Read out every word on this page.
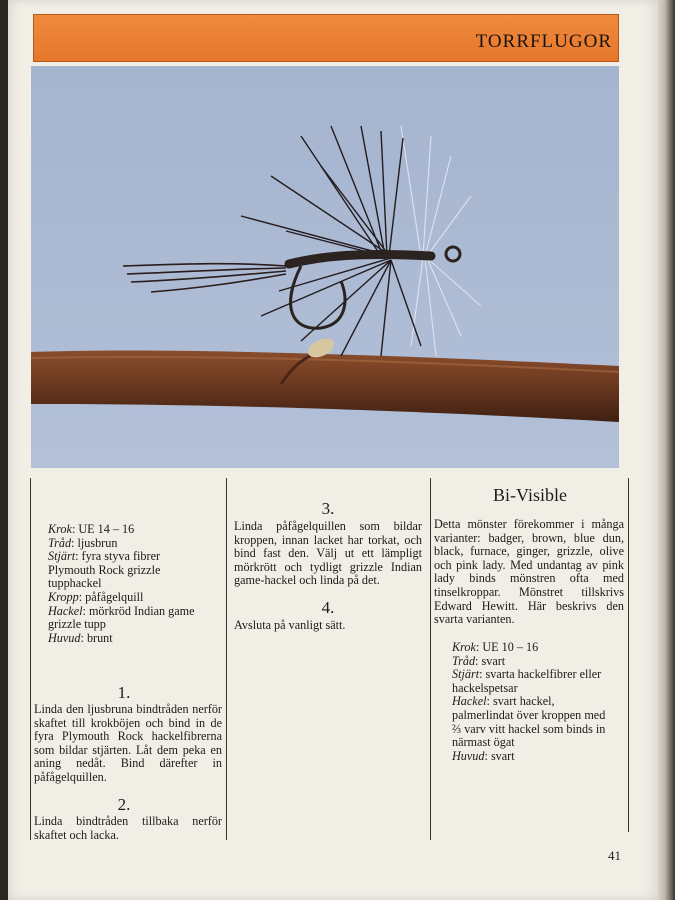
TORRFLUGOR

Krok: UE 14 – 16

Tråd: ljusbrun

Stjärt: fyra styva fibrer Plymouth Rock grizzle tupphackel

Kropp: påfågelquill

Hackel: mörkröd Indian game grizzle tupp

Huvud: brunt

1.
Linda den ljusbruna bindtråden nerför skaftet till krokböjen och bind in de fyra Plymouth Rock hackelfibrerna som bildar stjärten. Låt dem peka en aning nedåt. Bind därefter in påfågelquillen.
2.
Linda bindtråden tillbaka nerför skaftet och lacka.
3.
Linda påfågelquillen som bildar kroppen, innan lacket har torkat, och bind fast den. Välj ut ett lämpligt mörkrött och tydligt grizzle Indian game-hackel och linda på det.
4.
Avsluta på vanligt sätt.
Bi-Visible
Detta mönster förekommer i många varianter: badger, brown, blue dun, black, furnace, ginger, grizzle, olive och pink lady. Med undantag av pink lady binds mönstren ofta med tinselkroppar. Mönstret tillskrivs Edward Hewitt. Här beskrivs den svarta varianten.

Krok: UE 10 – 16

Tråd: svart

Stjärt: svarta hackelfibrer eller hackelspetsar

Hackel: svart hackel, palmerlindat över kroppen med ⅔ varv vitt hackel som binds in närmast ögat

Huvud: svart

41
